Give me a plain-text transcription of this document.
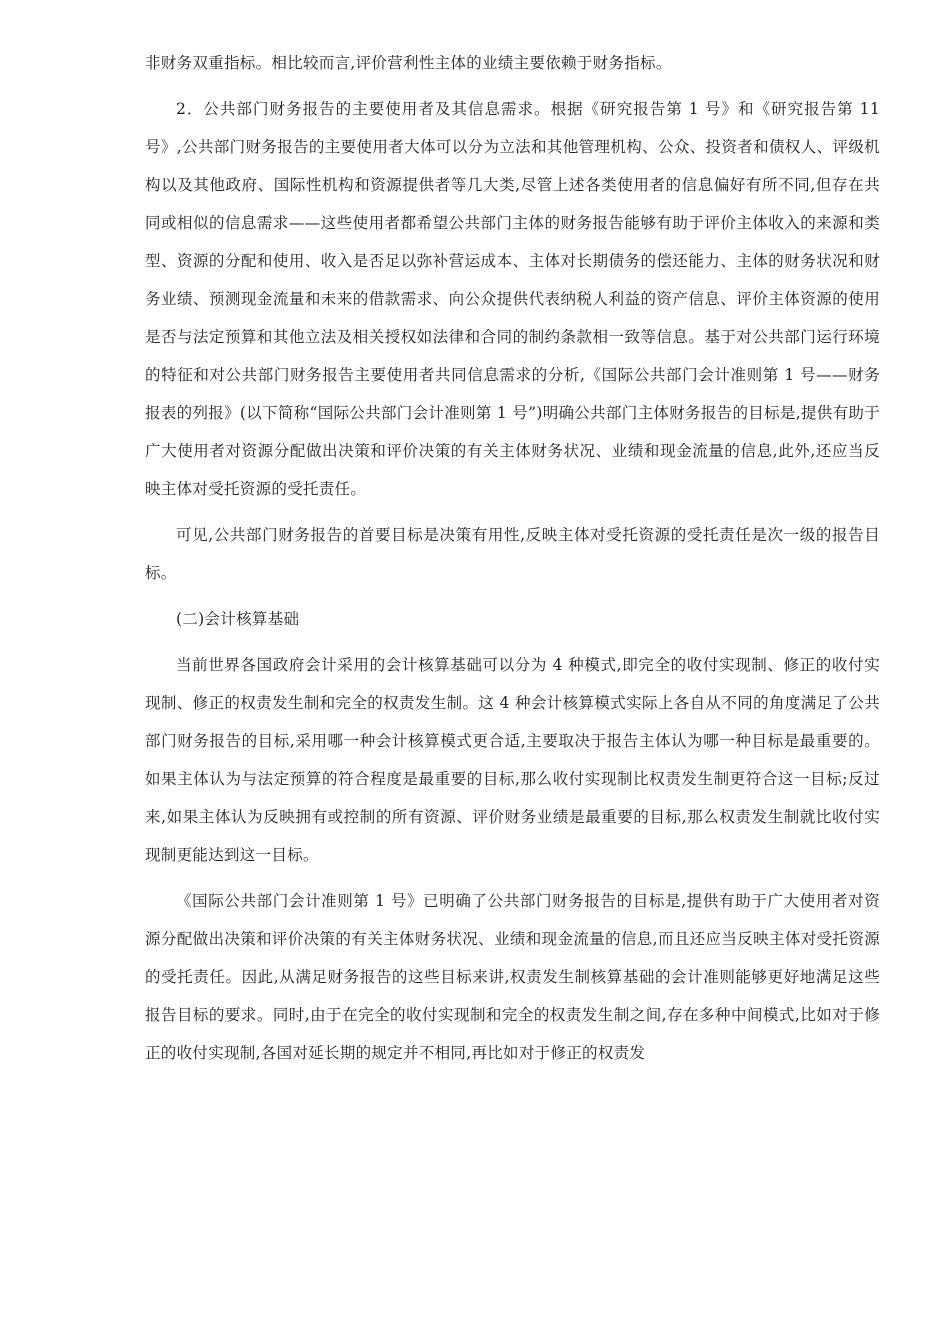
非财务双重指标。相比较而言,评价营利性主体的业绩主要依赖于财务指标。

2．公共部门财务报告的主要使用者及其信息需求。根据《研究报告第 1 号》和《研究报告第 11 号》,公共部门财务报告的主要使用者大体可以分为立法和其他管理机构、公众、投资者和债权人、评级机构以及其他政府、国际性机构和资源提供者等几大类,尽管上述各类使用者的信息偏好有所不同,但存在共同或相似的信息需求——这些使用者都希望公共部门主体的财务报告能够有助于评价主体收入的来源和类型、资源的分配和使用、收入是否足以弥补营运成本、主体对长期债务的偿还能力、主体的财务状况和财务业绩、预测现金流量和未来的借款需求、向公众提供代表纳税人利益的资产信息、评价主体资源的使用是否与法定预算和其他立法及相关授权如法律和合同的制约条款相一致等信息。基于对公共部门运行环境的特征和对公共部门财务报告主要使用者共同信息需求的分析,《国际公共部门会计准则第 1 号——财务报表的列报》(以下简称“国际公共部门会计准则第 1 号”)明确公共部门主体财务报告的目标是,提供有助于广大使用者对资源分配做出决策和评价决策的有关主体财务状况、业绩和现金流量的信息,此外,还应当反映主体对受托资源的受托责任。

可见,公共部门财务报告的首要目标是决策有用性,反映主体对受托资源的受托责任是次一级的报告目标。

(二)会计核算基础

当前世界各国政府会计采用的会计核算基础可以分为 4 种模式,即完全的收付实现制、修正的收付实现制、修正的权责发生制和完全的权责发生制。这 4 种会计核算模式实际上各自从不同的角度满足了公共部门财务报告的目标,采用哪一种会计核算模式更合适,主要取决于报告主体认为哪一种目标是最重要的。如果主体认为与法定预算的符合程度是最重要的目标,那么收付实现制比权责发生制更符合这一目标;反过来,如果主体认为反映拥有或控制的所有资源、评价财务业绩是最重要的目标,那么权责发生制就比收付实现制更能达到这一目标。

《国际公共部门会计准则第 1 号》已明确了公共部门财务报告的目标是,提供有助于广大使用者对资源分配做出决策和评价决策的有关主体财务状况、业绩和现金流量的信息,而且还应当反映主体对受托资源的受托责任。因此,从满足财务报告的这些目标来讲,权责发生制核算基础的会计准则能够更好地满足这些报告目标的要求。同时,由于在完全的收付实现制和完全的权责发生制之间,存在多种中间模式,比如对于修正的收付实现制,各国对延长期的规定并不相同,再比如对于修正的权责发
